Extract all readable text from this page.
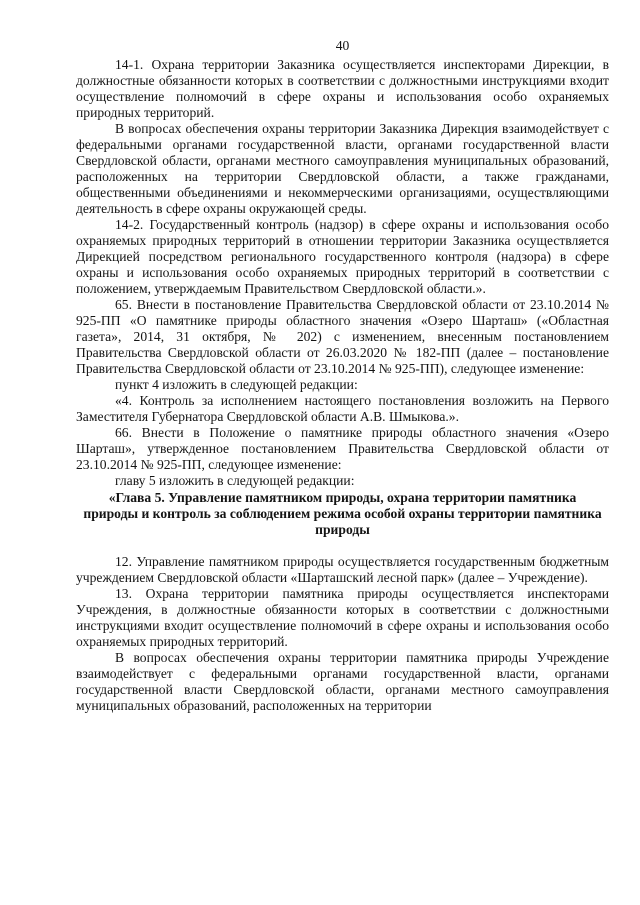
40

14-1. Охрана территории Заказника осуществляется инспекторами Дирекции, в должностные обязанности которых в соответствии с должностными инструкциями входит осуществление полномочий в сфере охраны и использования особо охраняемых природных территорий.

В вопросах обеспечения охраны территории Заказника Дирекция взаимодействует с федеральными органами государственной власти, органами государственной власти Свердловской области, органами местного самоуправления муниципальных образований, расположенных на территории Свердловской области, а также гражданами, общественными объединениями и некоммерческими организациями, осуществляющими деятельность в сфере охраны окружающей среды.

14-2. Государственный контроль (надзор) в сфере охраны и использования особо охраняемых природных территорий в отношении территории Заказника осуществляется Дирекцией посредством регионального государственного контроля (надзора) в сфере охраны и использования особо охраняемых природных территорий в соответствии с положением, утверждаемым Правительством Свердловской области.».

65. Внести в постановление Правительства Свердловской области от 23.10.2014 № 925-ПП «О памятнике природы областного значения «Озеро Шарташ» («Областная газета», 2014, 31 октября, № 202) с изменением, внесенным постановлением Правительства Свердловской области от 26.03.2020 № 182-ПП (далее – постановление Правительства Свердловской области от 23.10.2014 № 925-ПП), следующее изменение:

пункт 4 изложить в следующей редакции:

«4. Контроль за исполнением настоящего постановления возложить на Первого Заместителя Губернатора Свердловской области А.В. Шмыкова.».

66. Внести в Положение о памятнике природы областного значения «Озеро Шарташ», утвержденное постановлением Правительства Свердловской области от 23.10.2014 № 925-ПП, следующее изменение:

главу 5 изложить в следующей редакции:

«Глава 5. Управление памятником природы, охрана территории памятника природы и контроль за соблюдением режима особой охраны территории памятника природы

12. Управление памятником природы осуществляется государственным бюджетным учреждением Свердловской области «Шарташский лесной парк» (далее – Учреждение).

13. Охрана территории памятника природы осуществляется инспекторами Учреждения, в должностные обязанности которых в соответствии с должностными инструкциями входит осуществление полномочий в сфере охраны и использования особо охраняемых природных территорий.

В вопросах обеспечения охраны территории памятника природы Учреждение взаимодействует с федеральными органами государственной власти, органами государственной власти Свердловской области, органами местного самоуправления муниципальных образований, расположенных на территории
